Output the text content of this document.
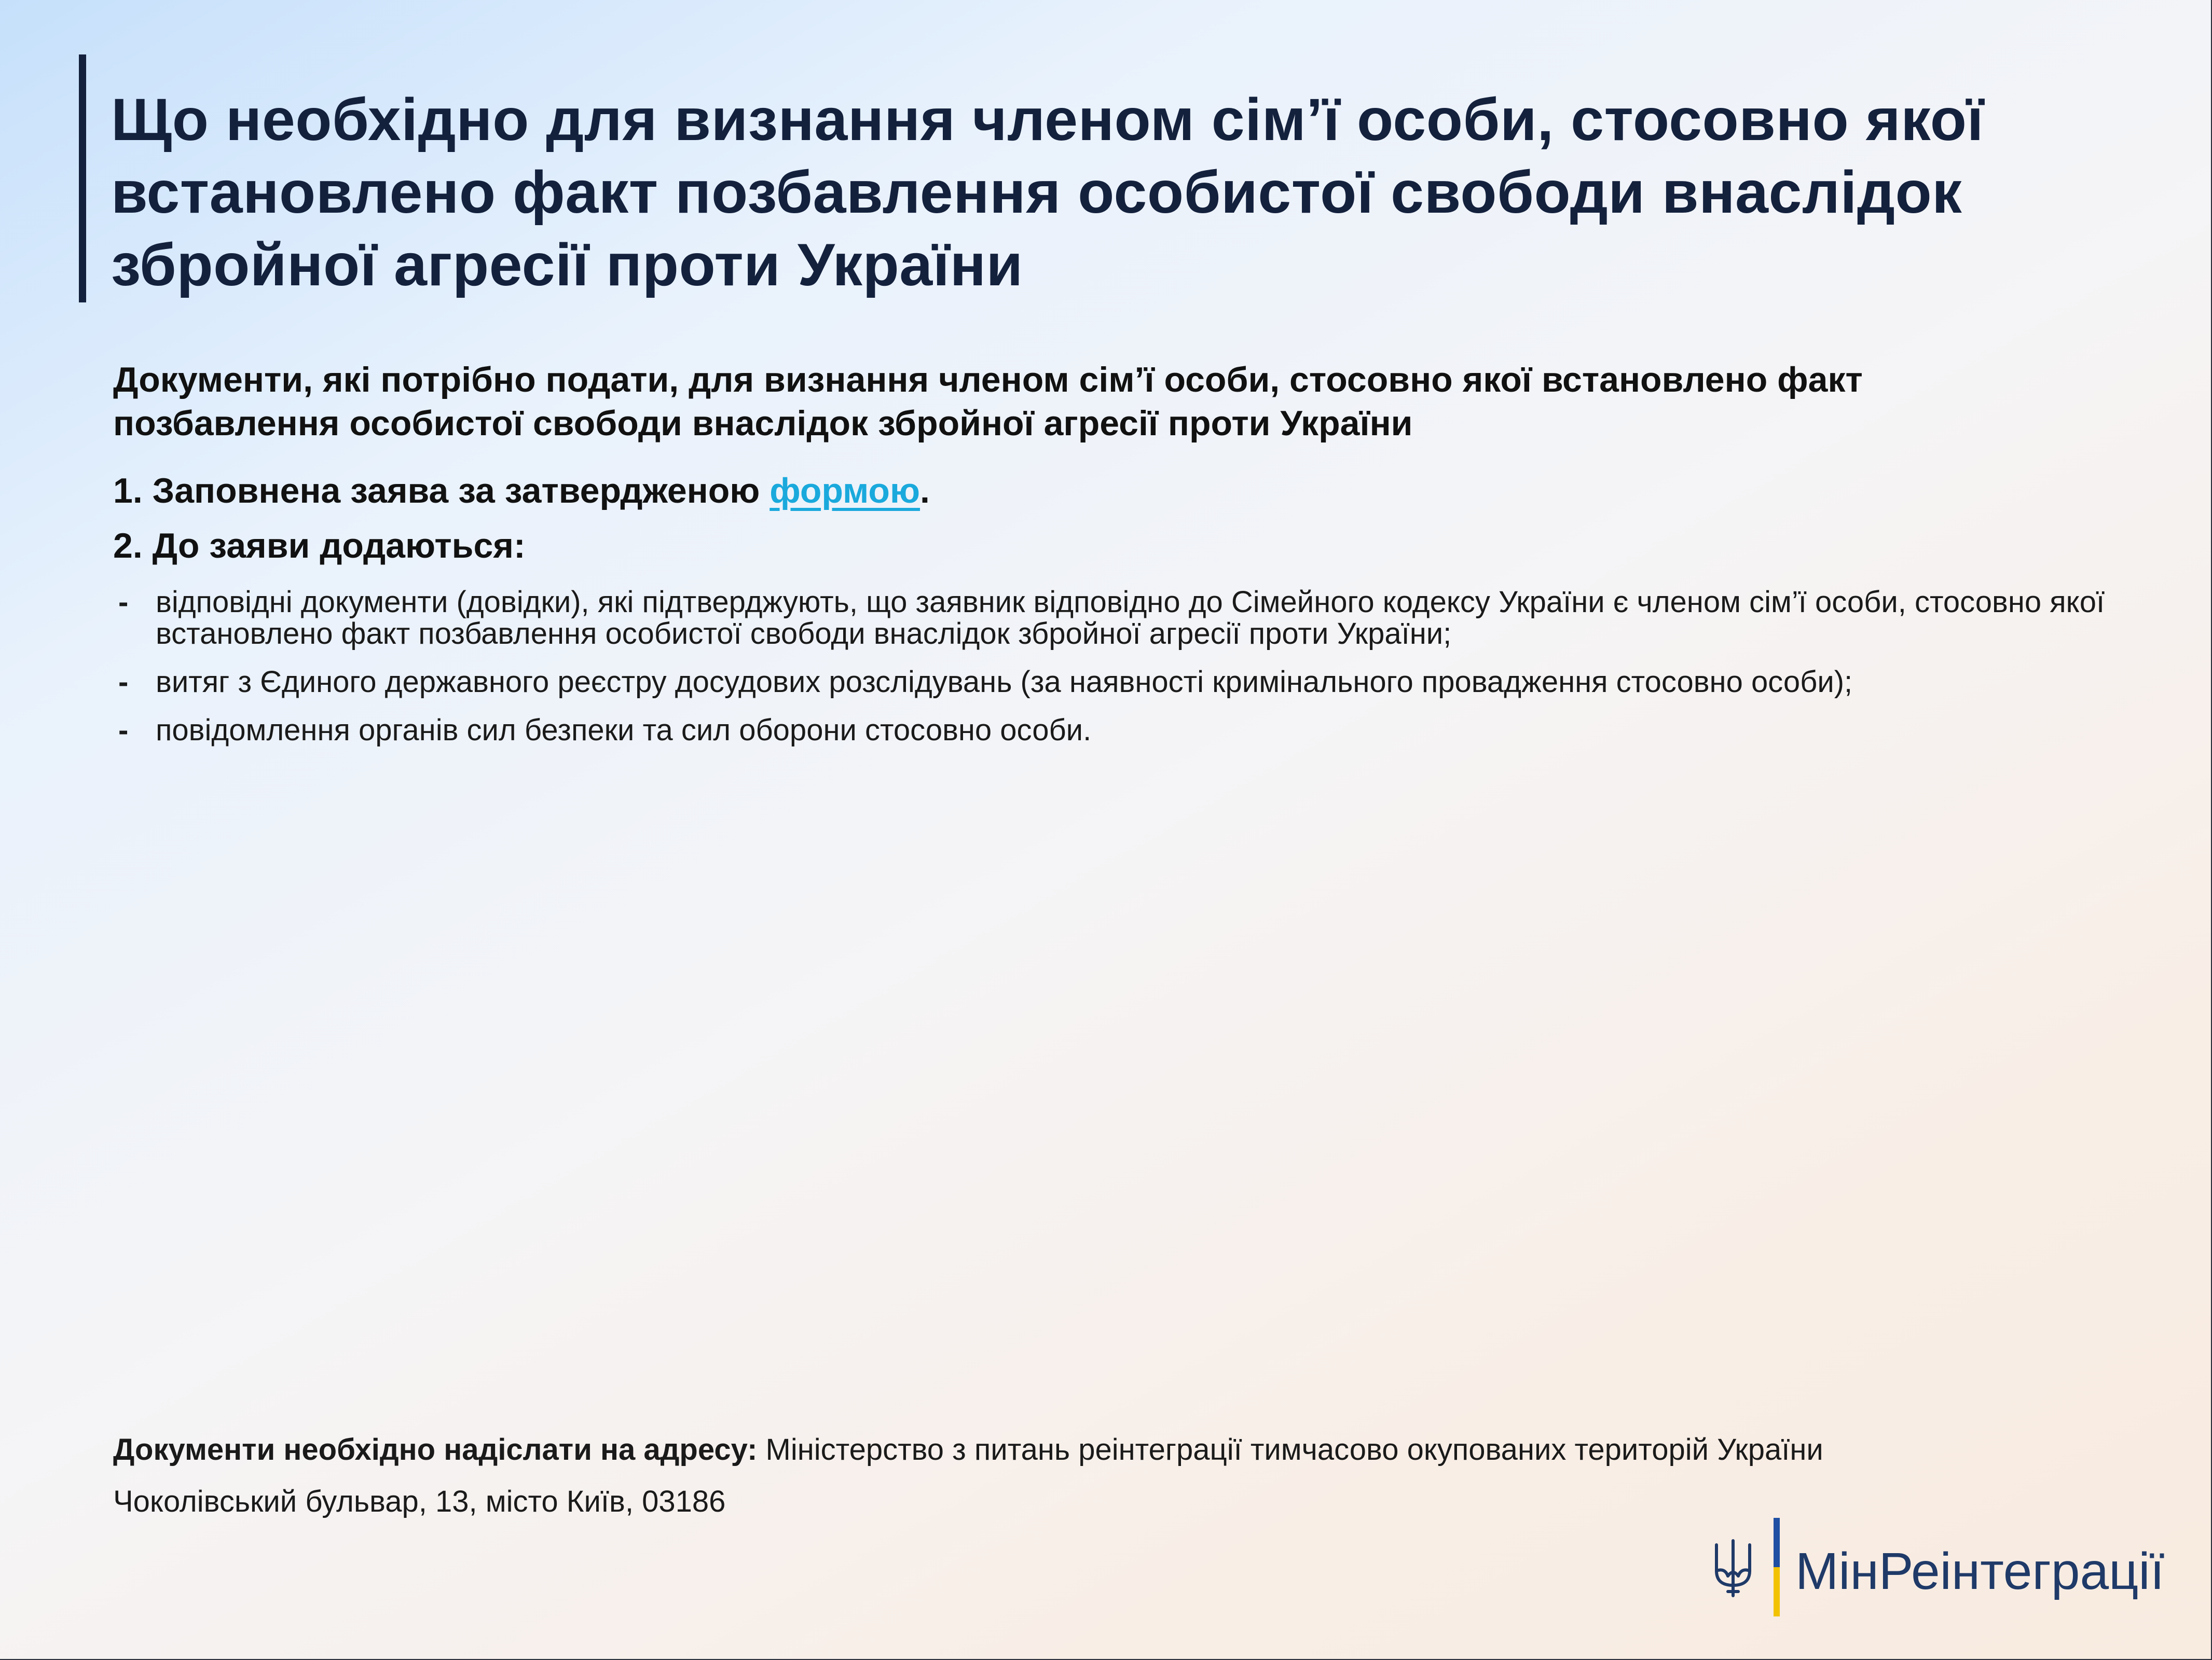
Що необхідно для визнання членом сім’ї особи, стосовно якої встановлено факт позбавлення особистої свободи внаслідок збройної агресії проти України

Документи, які потрібно подати, для визнання членом сім’ї особи, стосовно якої встановлено факт позбавлення особистої свободи внаслідок збройної агресії проти України

1. Заповнена заява за затвердженою формою.

2. До заяви додаються:

- відповідні документи (довідки), які підтверджують, що заявник відповідно до Сімейного кодексу України є членом сім’ї особи, стосовно якої встановлено факт позбавлення особистої свободи внаслідок збройної агресії проти України;
- витяг з Єдиного державного реєстру досудових розслідувань (за наявності кримінального провадження стосовно особи);
- повідомлення органів сил безпеки та сил оборони стосовно особи.

Документи необхідно надіслати на адресу: Міністерство з питань реінтеграції тимчасово окупованих територій України

Чоколівський бульвар, 13, місто Київ, 03186

МінРеінтеграції
